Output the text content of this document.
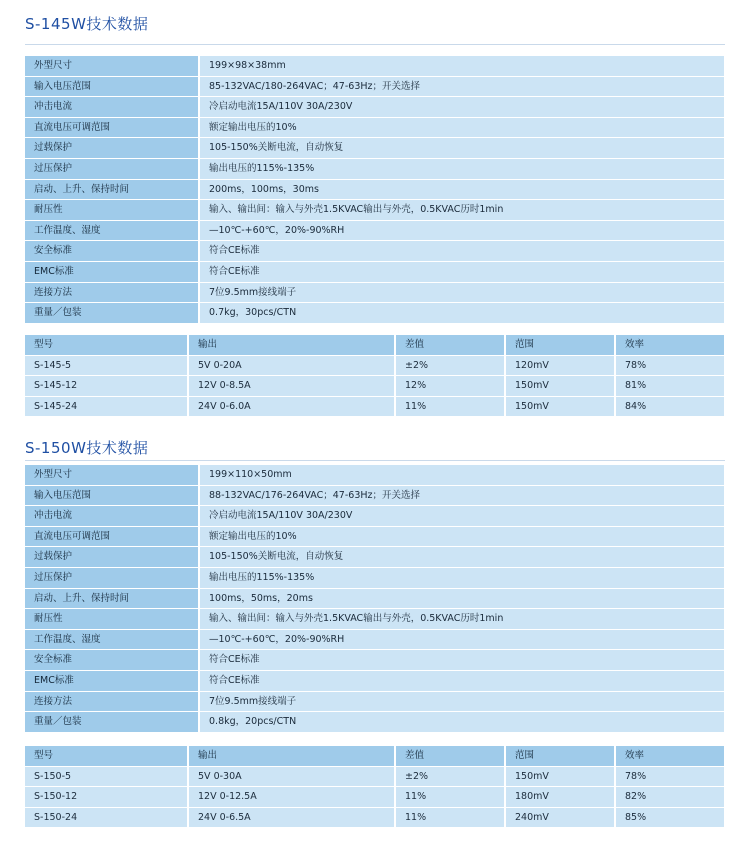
S-145W技术数据
外型尺寸	199×98×38mm
输入电压范围	85-132VAC/180-264VAC；47-63Hz；开关选择
冲击电流	冷启动电流15A/110V 30A/230V
直流电压可调范围	额定输出电压的10%
过载保护	105-150%关断电流，自动恢复
过压保护	输出电压的115%-135%
启动、上升、保持时间	200ms，100ms，30ms
耐压性	输入、输出间：输入与外壳1.5KVAC输出与外壳，0.5KVAC历时1min
工作温度、湿度	—10℃-+60℃，20%-90%RH
安全标准	符合CE标准
EMC标准	符合CE标准
连接方法	7位9.5mm接线端子
重量／包装	0.7kg，30pcs/CTN
型号	输出	差值	范围	效率
S-145-5	5V 0-20A	±2%	120mV	78%
S-145-12	12V 0-8.5A	12%	150mV	81%
S-145-24	24V 0-6.0A	11%	150mV	84%
S-150W技术数据
外型尺寸	199×110×50mm
输入电压范围	88-132VAC/176-264VAC；47-63Hz；开关选择
冲击电流	冷启动电流15A/110V 30A/230V
直流电压可调范围	额定输出电压的10%
过载保护	105-150%关断电流，自动恢复
过压保护	输出电压的115%-135%
启动、上升、保持时间	100ms，50ms，20ms
耐压性	输入、输出间：输入与外壳1.5KVAC输出与外壳，0.5KVAC历时1min
工作温度、湿度	—10℃-+60℃，20%-90%RH
安全标准	符合CE标准
EMC标准	符合CE标准
连接方法	7位9.5mm接线端子
重量／包装	0.8kg，20pcs/CTN
型号	输出	差值	范围	效率
S-150-5	5V 0-30A	±2%	150mV	78%
S-150-12	12V 0-12.5A	11%	180mV	82%
S-150-24	24V 0-6.5A	11%	240mV	85%
